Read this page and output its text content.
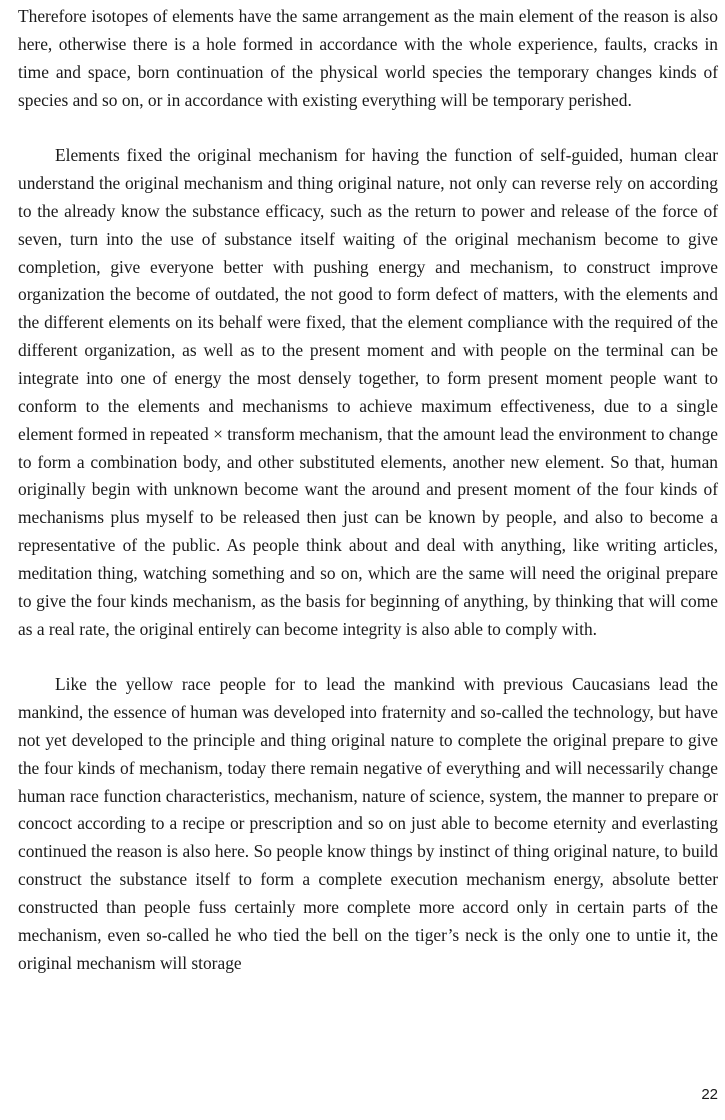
Therefore isotopes of elements have the same arrangement as the main element of the reason is also here, otherwise there is a hole formed in accordance with the whole experience, faults, cracks in time and space, born continuation of the physical world species the temporary changes kinds of species and so on, or in accordance with existing everything will be temporary perished.

Elements fixed the original mechanism for having the function of self-guided, human clear understand the original mechanism and thing original nature, not only can reverse rely on according to the already know the substance efficacy, such as the return to power and release of the force of seven, turn into the use of substance itself waiting of the original mechanism become to give completion, give everyone better with pushing energy and mechanism, to construct improve organization the become of outdated, the not good to form defect of matters, with the elements and the different elements on its behalf were fixed, that the element compliance with the required of the different organization, as well as to the present moment and with people on the terminal can be integrate into one of energy the most densely together, to form present moment people want to conform to the elements and mechanisms to achieve maximum effectiveness, due to a single element formed in repeated × transform mechanism, that the amount lead the environment to change to form a combination body, and other substituted elements, another new element. So that, human originally begin with unknown become want the around and present moment of the four kinds of mechanisms plus myself to be released then just can be known by people, and also to become a representative of the public. As people think about and deal with anything, like writing articles, meditation thing, watching something and so on, which are the same will need the original prepare to give the four kinds mechanism, as the basis for beginning of anything, by thinking that will come as a real rate, the original entirely can become integrity is also able to comply with.

Like the yellow race people for to lead the mankind with previous Caucasians lead the mankind, the essence of human was developed into fraternity and so-called the technology, but have not yet developed to the principle and thing original nature to complete the original prepare to give the four kinds of mechanism, today there remain negative of everything and will necessarily change human race function characteristics, mechanism, nature of science, system, the manner to prepare or concoct according to a recipe or prescription and so on just able to become eternity and everlasting continued the reason is also here. So people know things by instinct of thing original nature, to build construct the substance itself to form a complete execution mechanism energy, absolute better constructed than people fuss certainly more complete more accord only in certain parts of the mechanism, even so-called he who tied the bell on the tiger’s neck is the only one to untie it, the original mechanism will storage

22
